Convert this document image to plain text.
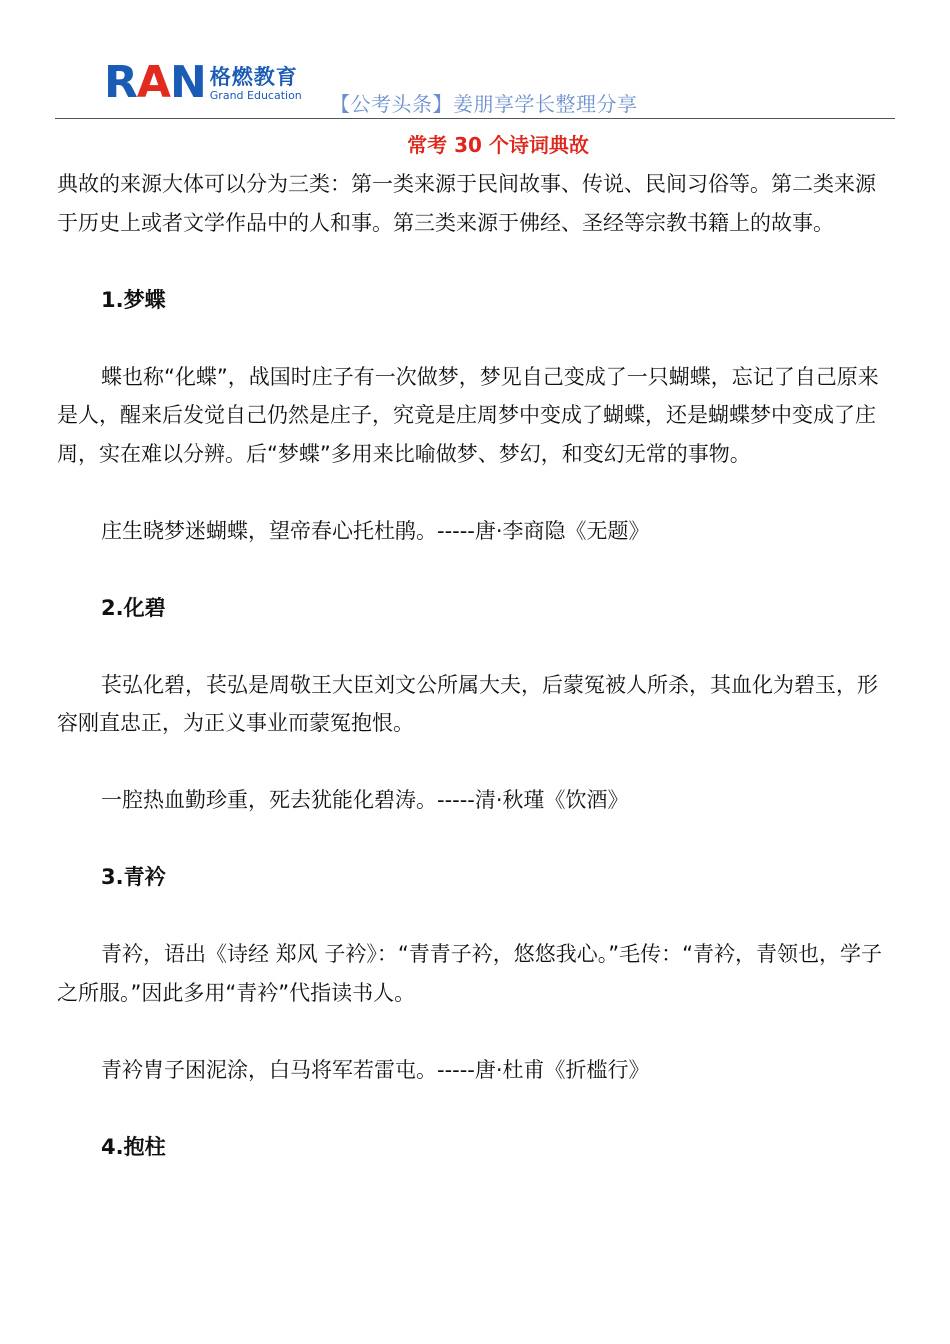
RAN 格燃教育
Grand Education 【公考头条】姜朋享学长整理分享
常考 30 个诗词典故

典故的来源大体可以分为三类：第一类来源于民间故事、传说、民间习俗等。第二类来源于历史上或者文学作品中的人和事。第三类来源于佛经、圣经等宗教书籍上的故事。

1.梦蝶

蝶也称“化蝶”，战国时庄子有一次做梦，梦见自己变成了一只蝴蝶，忘记了自己原来是人，醒来后发觉自己仍然是庄子，究竟是庄周梦中变成了蝴蝶，还是蝴蝶梦中变成了庄周，实在难以分辨。后“梦蝶”多用来比喻做梦、梦幻，和变幻无常的事物。

庄生晓梦迷蝴蝶，望帝春心托杜鹃。-----唐·李商隐《无题》

2.化碧

苌弘化碧，苌弘是周敬王大臣刘文公所属大夫，后蒙冤被人所杀，其血化为碧玉，形容刚直忠正，为正义事业而蒙冤抱恨。

一腔热血勤珍重，死去犹能化碧涛。-----清·秋瑾《饮酒》

3.青衿

青衿，语出《诗经 郑风 子衿》：“青青子衿，悠悠我心。”毛传：“青衿，青领也，学子之所服。”因此多用“青衿”代指读书人。

青衿胄子困泥涂，白马将军若雷屯。-----唐·杜甫《折槛行》

4.抱柱
